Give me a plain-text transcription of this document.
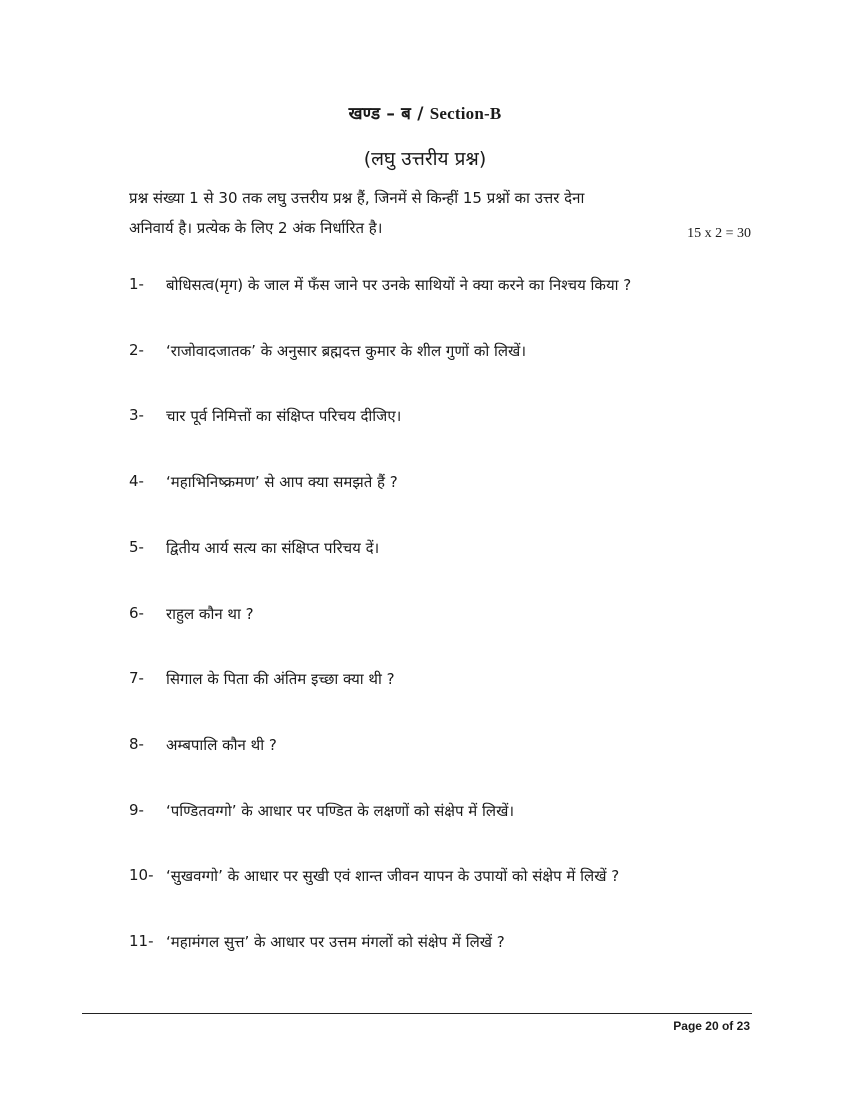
खण्ड – ब / Section-B
(लघु उत्तरीय प्रश्न)
प्रश्न संख्या 1 से 30 तक लघु उत्तरीय प्रश्न हैं, जिनमें से किन्हीं 15 प्रश्नों का उत्तर देना
अनिवार्य है। प्रत्येक के लिए 2 अंक निर्धारित है।	15 x 2 = 30
1-	बोधिसत्व(मृग) के जाल में फँस जाने पर उनके साथियों ने क्या करने का निश्चय किया ?
2-	‘राजोवादजातक’ के अनुसार ब्रह्मदत्त कुमार के शील गुणों को लिखें।
3-	चार पूर्व निमित्तों का संक्षिप्त परिचय दीजिए।
4-	‘महाभिनिष्क्रमण’ से आप क्या समझते हैं ?
5-	द्वितीय आर्य सत्य का संक्षिप्त परिचय दें।
6-	राहुल कौन था ?
7-	सिगाल के पिता की अंतिम इच्छा क्या थी ?
8-	अम्बपालि कौन थी ?
9-	‘पण्डितवग्गो’ के आधार पर पण्डित के लक्षणों को संक्षेप में लिखें।
10- ‘सुखवग्गो’ के आधार पर सुखी एवं शान्त जीवन यापन के उपायों को संक्षेप में लिखें ?
11- ‘महामंगल सुत्त’ के आधार पर उत्तम मंगलों को संक्षेप में लिखें ?
Page 20 of 23
